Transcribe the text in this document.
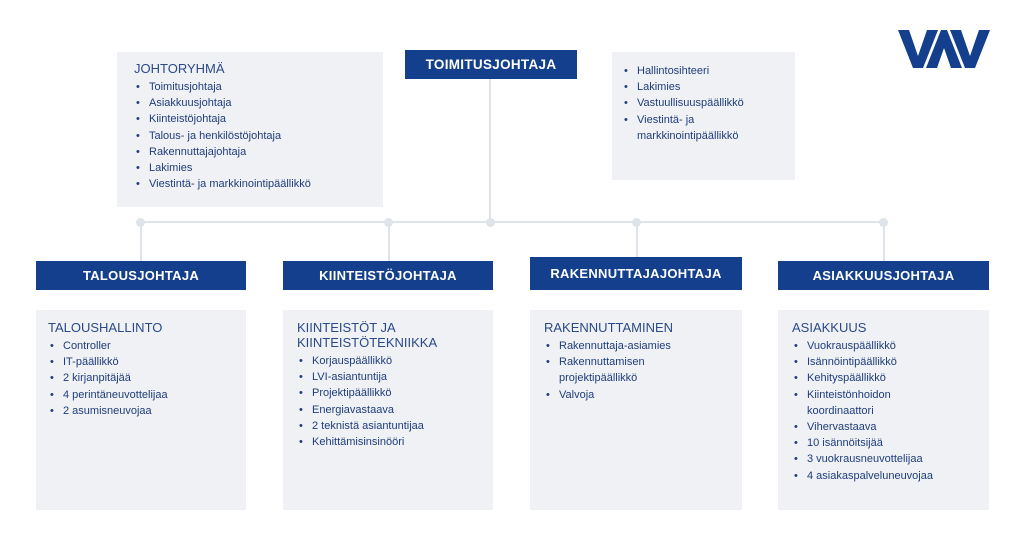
JOHTORYHMÄ
• Toimitusjohtaja
• Asiakkuusjohtaja
• Kiinteistöjohtaja
• Talous- ja henkilöstöjohtaja
• Rakennuttajajohtaja
• Lakimies
• Viestintä- ja markkinointipäällikkö
• Hallintosihteeri
• Lakimies
• Vastuullisuuspäällikkö
• Viestintä- ja markkinointipäällikkö
TOIMITUSJOHTAJA
TALOUSHALLINTO
• Controller
• IT-päällikkö
• 2 kirjanpitäjää
• 4 perintäneuvottelijaa
• 2 asumisneuvojaa
TALOUSJOHTAJA
KIINTEISTÖT JA KIINTEISTÖTEKNIIKKA
• Korjauspäällikkö
• LVI-asiantuntija
• Projektipäällikkö
• Energiavastaava
• 2 teknistä asiantuntijaa
• Kehittämisinsinööri
KIINTEISTÖJOHTAJA
RAKENNUTTAMINEN
• Rakennuttaja-asiamies
• Rakennuttamisen projektipäällikkö
• Valvoja
RAKENNUTTAJAJOHTAJA
ASIAKKUUS
• Vuokrauspäällikkö
• Isännöintipäällikkö
• Kehityspäällikkö
• Kiinteistönhoidon koordinaattori
• Vihervastaava
• 10 isännöitsijää
• 3 vuokrausneuvottelijaa
• 4 asiakaspalveluneuvojaa
ASIAKKUUSJOHTAJA
